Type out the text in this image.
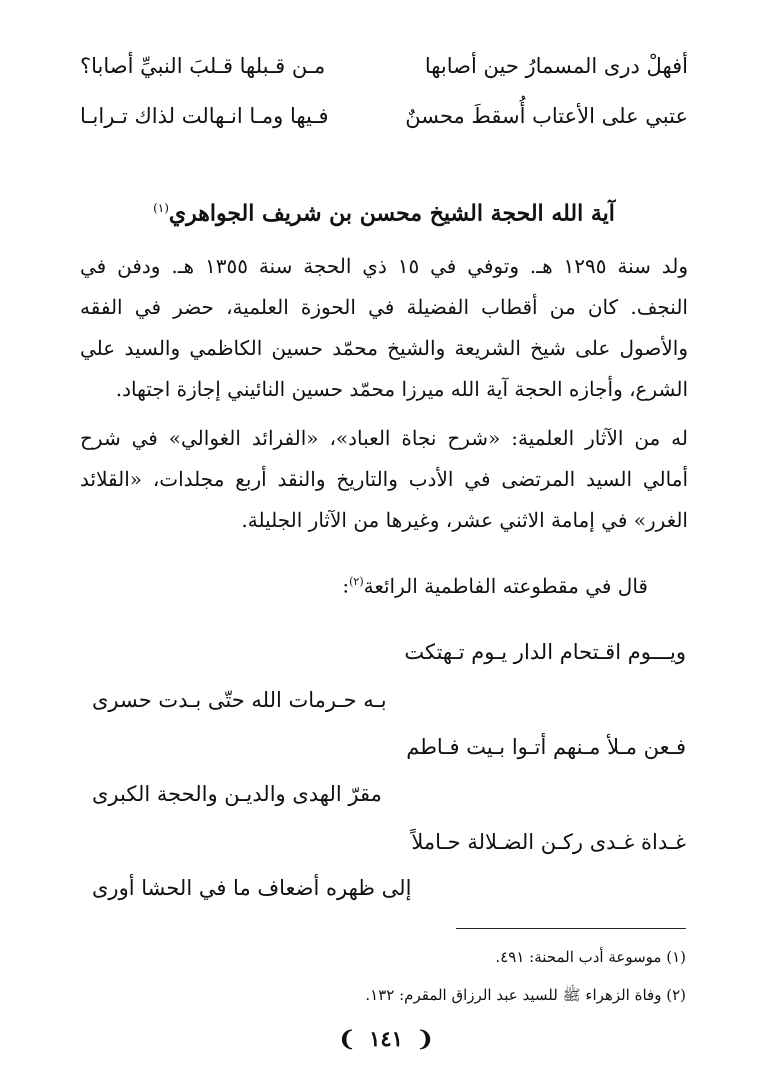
أفهلْ درى المسمارُ حين أصابها
مـن قـبلها قـلبَ النبيِّ أصابا؟
عتبي على الأعتاب أُسقطَ محسنٌ
فـيها ومـا انـهالت لذاك تـرابـا
آية الله الحجة الشيخ محسن بن شريف الجواهري$^{(١)}$
ولد سنة ١٢٩٥ هـ. وتوفي في ١٥ ذي الحجة سنة ١٣٥٥ هـ. ودفن في النجف. كان من أقطاب الفضيلة في الحوزة العلمية، حضر في الفقه والأصول على شيخ الشريعة والشيخ محمّد حسين الكاظمي والسيد علي الشرع، وأجازه الحجة آية الله ميرزا محمّد حسين النائيني إجازة اجتهاد.
له من الآثار العلمية: «شرح نجاة العباد»، «الفرائد الغوالي» في شرح أمالي السيد المرتضى في الأدب والتاريخ والنقد أربع مجلدات، «القلائد الغرر» في إمامة الاثني عشر، وغيرها من الآثار الجليلة.
قال في مقطوعته الفاطمية الرائعة$^{(٢)}$:
ويـــوم اقـتحام الدار يـوم تـهتكت
بـه حـرمات الله حتّى بـدت حسرى
فـعن مـلأ مـنهم أتـوا بـيت فـاطم
مقرّ الهدى والديـن والحجة الكبرى
غـداة غـدى ركـن الضـلالة حـاملاً
إلى ظهره أضعاف ما في الحشا أورى
(١) موسوعة أدب المحنة: ٤٩١.
(٢) وفاة الزهراء ﷺ للسيد عبد الرزاق المقرم: ١٣٢.
❨ ١٤١ ❩
